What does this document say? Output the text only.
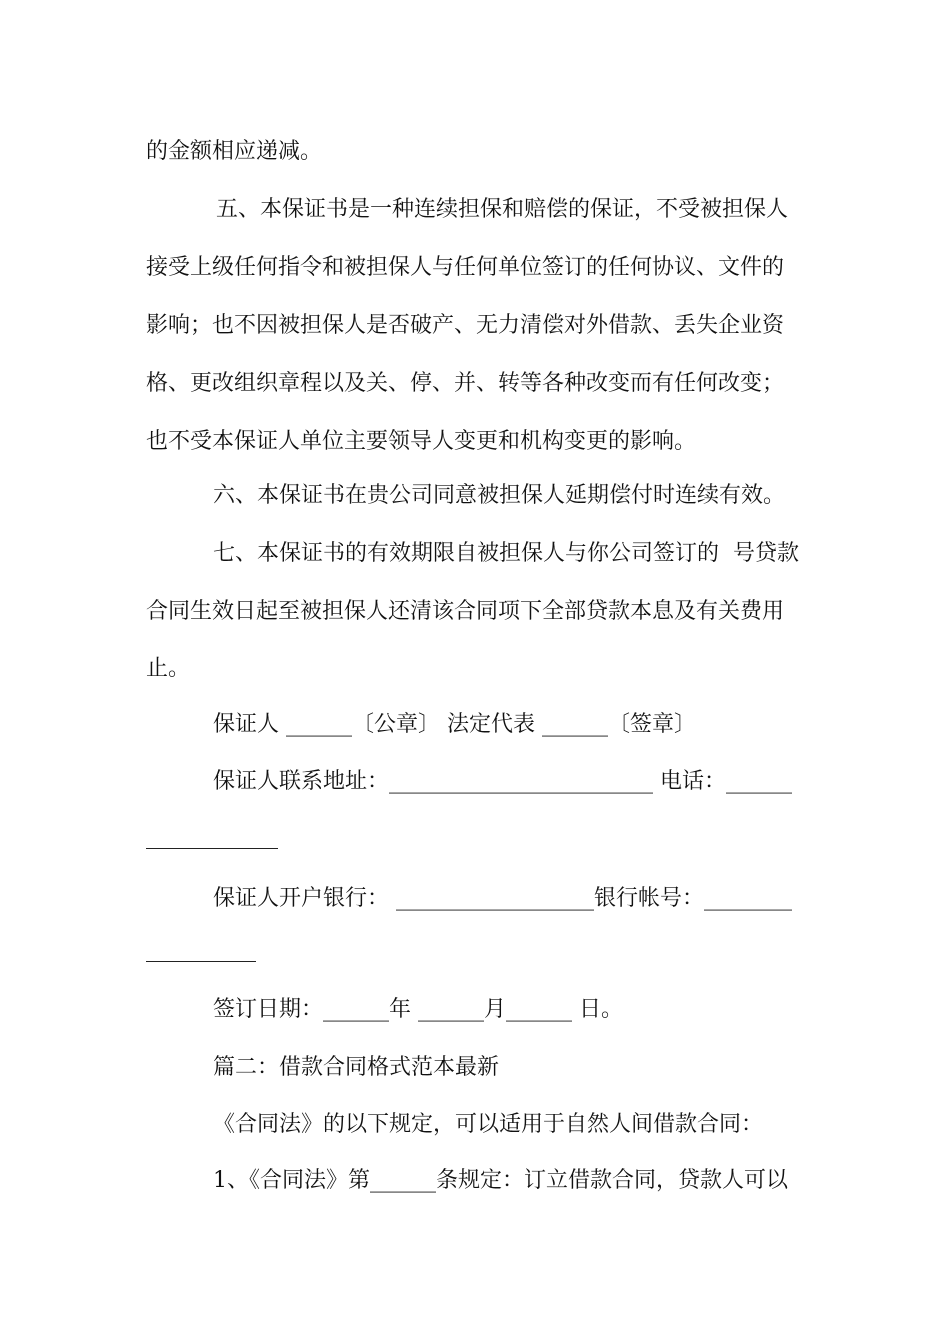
的金额相应递减。
五、本保证书是一种连续担保和赔偿的保证，不受被担保人
接受上级任何指令和被担保人与任何单位签订的任何协议、文件的
影响；也不因被担保人是否破产、无力清偿对外借款、丢失企业资
格、更改组织章程以及关、停、并、转等各种改变而有任何改变；
也不受本保证人单位主要领导人变更和机构变更的影响。
六、本保证书在贵公司同意被担保人延期偿付时连续有效。
七、本保证书的有效期限自被担保人与你公司签订的  号贷款
合同生效日起至被担保人还清该合同项下全部贷款本息及有关费用
止。
保证人 ______〔公章〕 法定代表 ______〔签章〕
保证人联系地址：________________________ 电话：______
保证人开户银行： __________________银行帐号：________
签订日期：______年 ______月______ 日。
篇二：借款合同格式范本最新
《合同法》的以下规定，可以适用于自然人间借款合同：
1、《合同法》第______条规定：订立借款合同，贷款人可以
